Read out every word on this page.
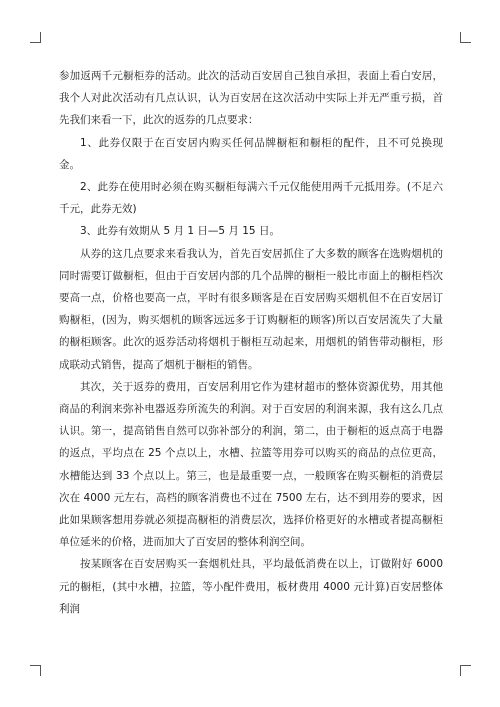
参加返两千元橱柜券的活动。此次的活动百安居自己独自承担，表面上看白安居，我个人对此次活动有几点认识，认为百安居在这次活动中实际上并无严重亏损，首先我们来看一下，此次的返券的几点要求：

1、此券仅限于在百安居内购买任何品牌橱柜和橱柜的配件，且不可兑换现金。

2、此券在使用时必须在购买橱柜每满六千元仅能使用两千元抵用券。(不足六千元，此券无效)

3、此券有效期从 5 月 1 日—5 月 15 日。

从券的这几点要求来看我认为，首先百安居抓住了大多数的顾客在选购烟机的同时需要订做橱柜，但由于百安居内部的几个品牌的橱柜一般比市面上的橱柜档次要高一点，价格也要高一点，平时有很多顾客是在百安居购买烟机但不在百安居订购橱柜，(因为，购买烟机的顾客远远多于订购橱柜的顾客)所以百安居流失了大量的橱柜顾客。此次的返券活动将烟机于橱柜互动起来，用烟机的销售带动橱柜，形成联动式销售，提高了烟机于橱柜的销售。

其次，关于返券的费用，百安居利用它作为建材超市的整体资源优势，用其他商品的利润来弥补电器返券所流失的利润。对于百安居的利润来源，我有这么几点认识。第一，提高销售自然可以弥补部分的利润，第二，由于橱柜的返点高于电器的返点，平均点在 25 个点以上，水槽、拉篮等用券可以购买的商品的点位更高，水槽能达到 33 个点以上。第三，也是最重要一点，一般顾客在购买橱柜的消费层次在 4000 元左右，高档的顾客消费也不过在 7500 左右，达不到用券的要求，因此如果顾客想用券就必须提高橱柜的消费层次，选择价格更好的水槽或者提高橱柜单位延米的价格，进而加大了百安居的整体利润空间。

按某顾客在百安居购买一套烟机灶具，平均最低消费在以上，订做附好 6000 元的橱柜，(其中水槽，拉篮，等小配件费用，板材费用 4000 元计算)百安居整体利润
